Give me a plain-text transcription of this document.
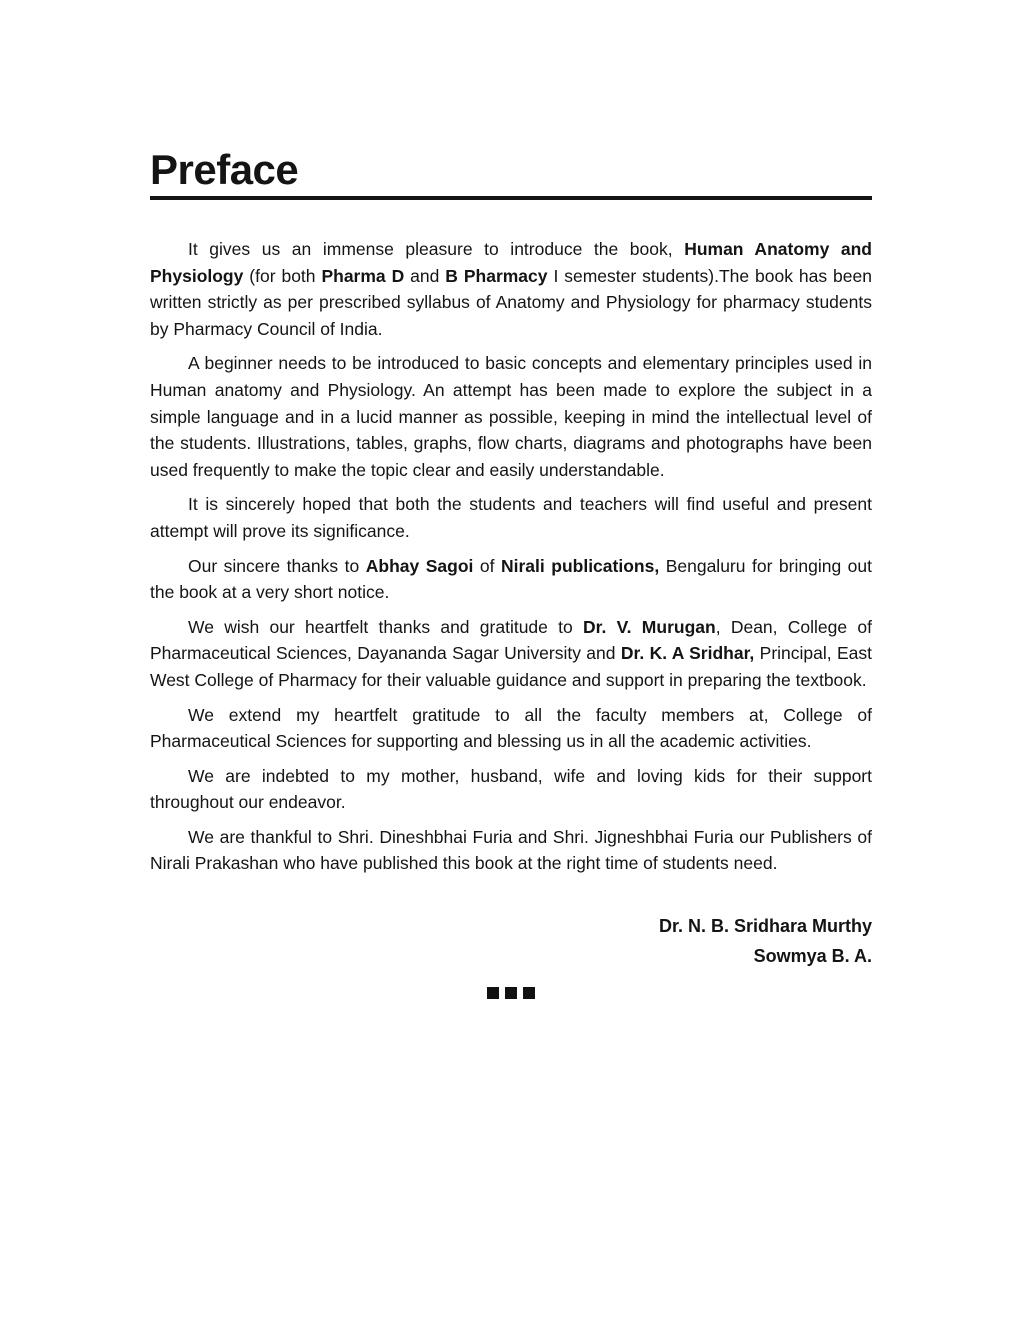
Preface

It gives us an immense pleasure to introduce the book, Human Anatomy and Physiology (for both Pharma D and B Pharmacy I semester students).The book has been written strictly as per prescribed syllabus of Anatomy and Physiology for pharmacy students by Pharmacy Council of India.

A beginner needs to be introduced to basic concepts and elementary principles used in Human anatomy and Physiology. An attempt has been made to explore the subject in a simple language and in a lucid manner as possible, keeping in mind the intellectual level of the students. Illustrations, tables, graphs, flow charts, diagrams and photographs have been used frequently to make the topic clear and easily understandable.

It is sincerely hoped that both the students and teachers will find useful and present attempt will prove its significance.

Our sincere thanks to Abhay Sagoi of Nirali publications, Bengaluru for bringing out the book at a very short notice.

We wish our heartfelt thanks and gratitude to Dr. V. Murugan, Dean, College of Pharmaceutical Sciences, Dayananda Sagar University and Dr. K. A Sridhar, Principal, East West College of Pharmacy for their valuable guidance and support in preparing the textbook.

We extend my heartfelt gratitude to all the faculty members at, College of Pharmaceutical Sciences for supporting and blessing us in all the academic activities.

We are indebted to my mother, husband, wife and loving kids for their support throughout our endeavor.

We are thankful to Shri. Dineshbhai Furia and Shri. Jigneshbhai Furia our Publishers of Nirali Prakashan who have published this book at the right time of students need.

Dr. N. B. Sridhara Murthy
Sowmya B. A.
